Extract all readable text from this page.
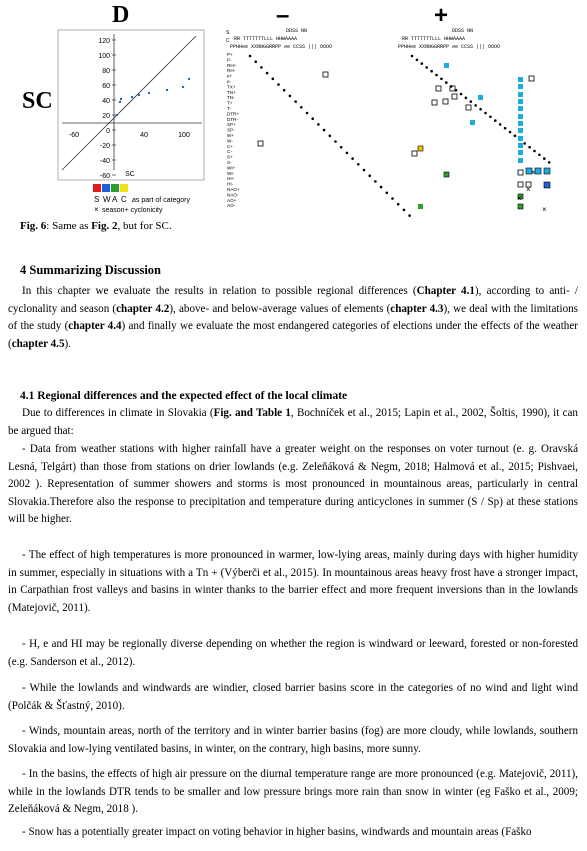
D
SC
–	+
120
100
80
60
40
20
0
-20
-40
-60
-60	40	100
SC
S W A C as part of category
× season+ cyclonicity
S
C
DDSS NN
RR TTTTTTTLLL HHWAAAA
PPHHee XXNNGGRRPP ee CCSS ||| OOOO
DDSS NN
RR TTTTTTTLLL HHWAAAA
PPHHee XXNNGGRRPP ee CCSS ||| OOOO
P+
P-
RH+
RH-
e+
e-
TX+
TN+
TN-
T+
T-
DTR+
DTR-
SP+
SP-
W+
W-
C+
C-
S+
S-
WI+
WI-
HI+
HI-
NAO+
NAO-
AO+
AO-
×
×
×
×
Fig. 6: Same as Fig. 2, but for SC.
4 Summarizing Discussion
In this chapter we evaluate the results in relation to possible regional differences (Chapter 4.1), according to anti- / cyclonality and season (chapter 4.2), above- and below-average values of elements (chapter 4.3), we deal with the limitations of the study (chapter 4.4) and finally we evaluate the most endangered categories of elections under the effects of the weather (chapter 4.5).
4.1 Regional differences and the expected effect of the local climate
Due to differences in climate in Slovakia (Fig. and Table 1, Bochníček et al., 2015; Lapin et al., 2002, Šoltis, 1990), it can be argued that:
- Data from weather stations with higher rainfall have a greater weight on the responses on voter turnout (e. g. Oravská Lesná, Telgárt) than those from stations on drier lowlands (e.g. Zeleňáková & Negm, 2018; Halmová et al., 2015; Pishvaei, 2002 ). Representation of summer showers and storms is most pronounced in mountainous areas, particularly in central Slovakia.Therefore also the response to precipitation and temperature during anticyclones in summer (S / Sp) at these stations will be higher.
- The effect of high temperatures is more pronounced in warmer, low-lying areas, mainly during days with higher humidity in summer, especially in situations with a Tn + (Výberči et al., 2015). In mountainous areas heavy frost have a stronger impact, in Carpathian frost valleys and basins in winter thanks to the barrier effect and more frequent inversions than in the lowlands (Matejovič, 2011).
- H, e and HI may be regionally diverse depending on whether the region is windward or leeward, forested or non-forested (e.g. Sanderson et al., 2012).
- While the lowlands and windwards are windier, closed barrier basins score in the categories of no wind and light wind (Polčák & Šťastný, 2010).
- Winds, mountain areas, north of the territory and in winter barrier basins (fog) are more cloudy, while lowlands, southern Slovakia and low-lying ventilated basins, in winter, on the contrary, high basins, more sunny.
- In the basins, the effects of high air pressure on the diurnal temperature range are more pronounced (e.g. Matejovič, 2011), while in the lowlands DTR tends to be smaller and low pressure brings more rain than snow in winter (eg Faško et al., 2009; Zeleňáková & Negm, 2018 ).
- Snow has a potentially greater impact on voting behavior in higher basins, windwards and mountain areas (Faško
